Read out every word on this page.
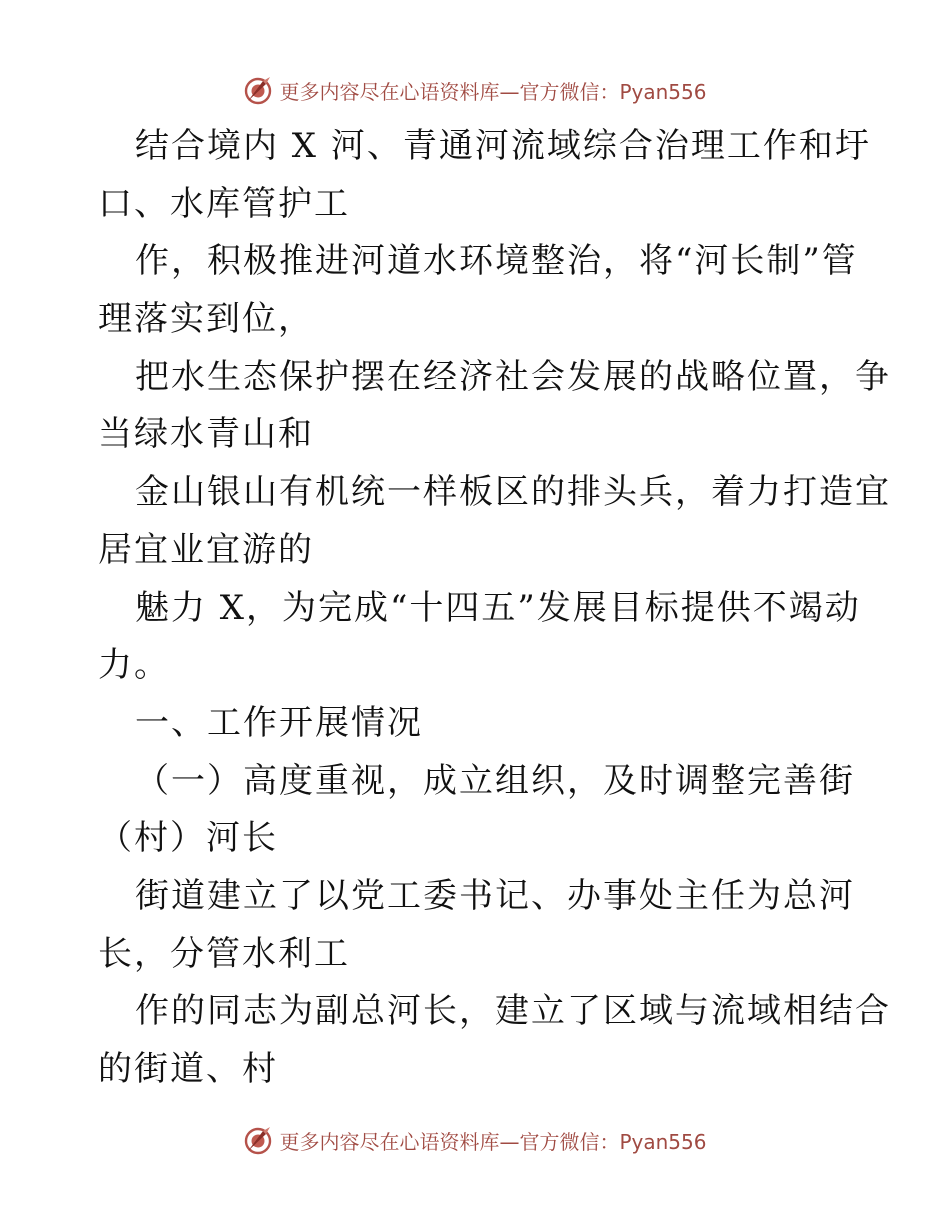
更多内容尽在心语资料库—官方微信：Pyan556
结合境内 X 河、青通河流域综合治理工作和圩
口、水库管护工
作，积极推进河道水环境整治，将“河长制”管
理落实到位，
把水生态保护摆在经济社会发展的战略位置，争
当绿水青山和
金山银山有机统一样板区的排头兵，着力打造宜
居宜业宜游的
魅力 X，为完成“十四五”发展目标提供不竭动
力。
一、工作开展情况
（一）高度重视，成立组织，及时调整完善街
（村）河长
街道建立了以党工委书记、办事处主任为总河
长，分管水利工
作的同志为副总河长，建立了区域与流域相结合
的街道、村
更多内容尽在心语资料库—官方微信：Pyan556
